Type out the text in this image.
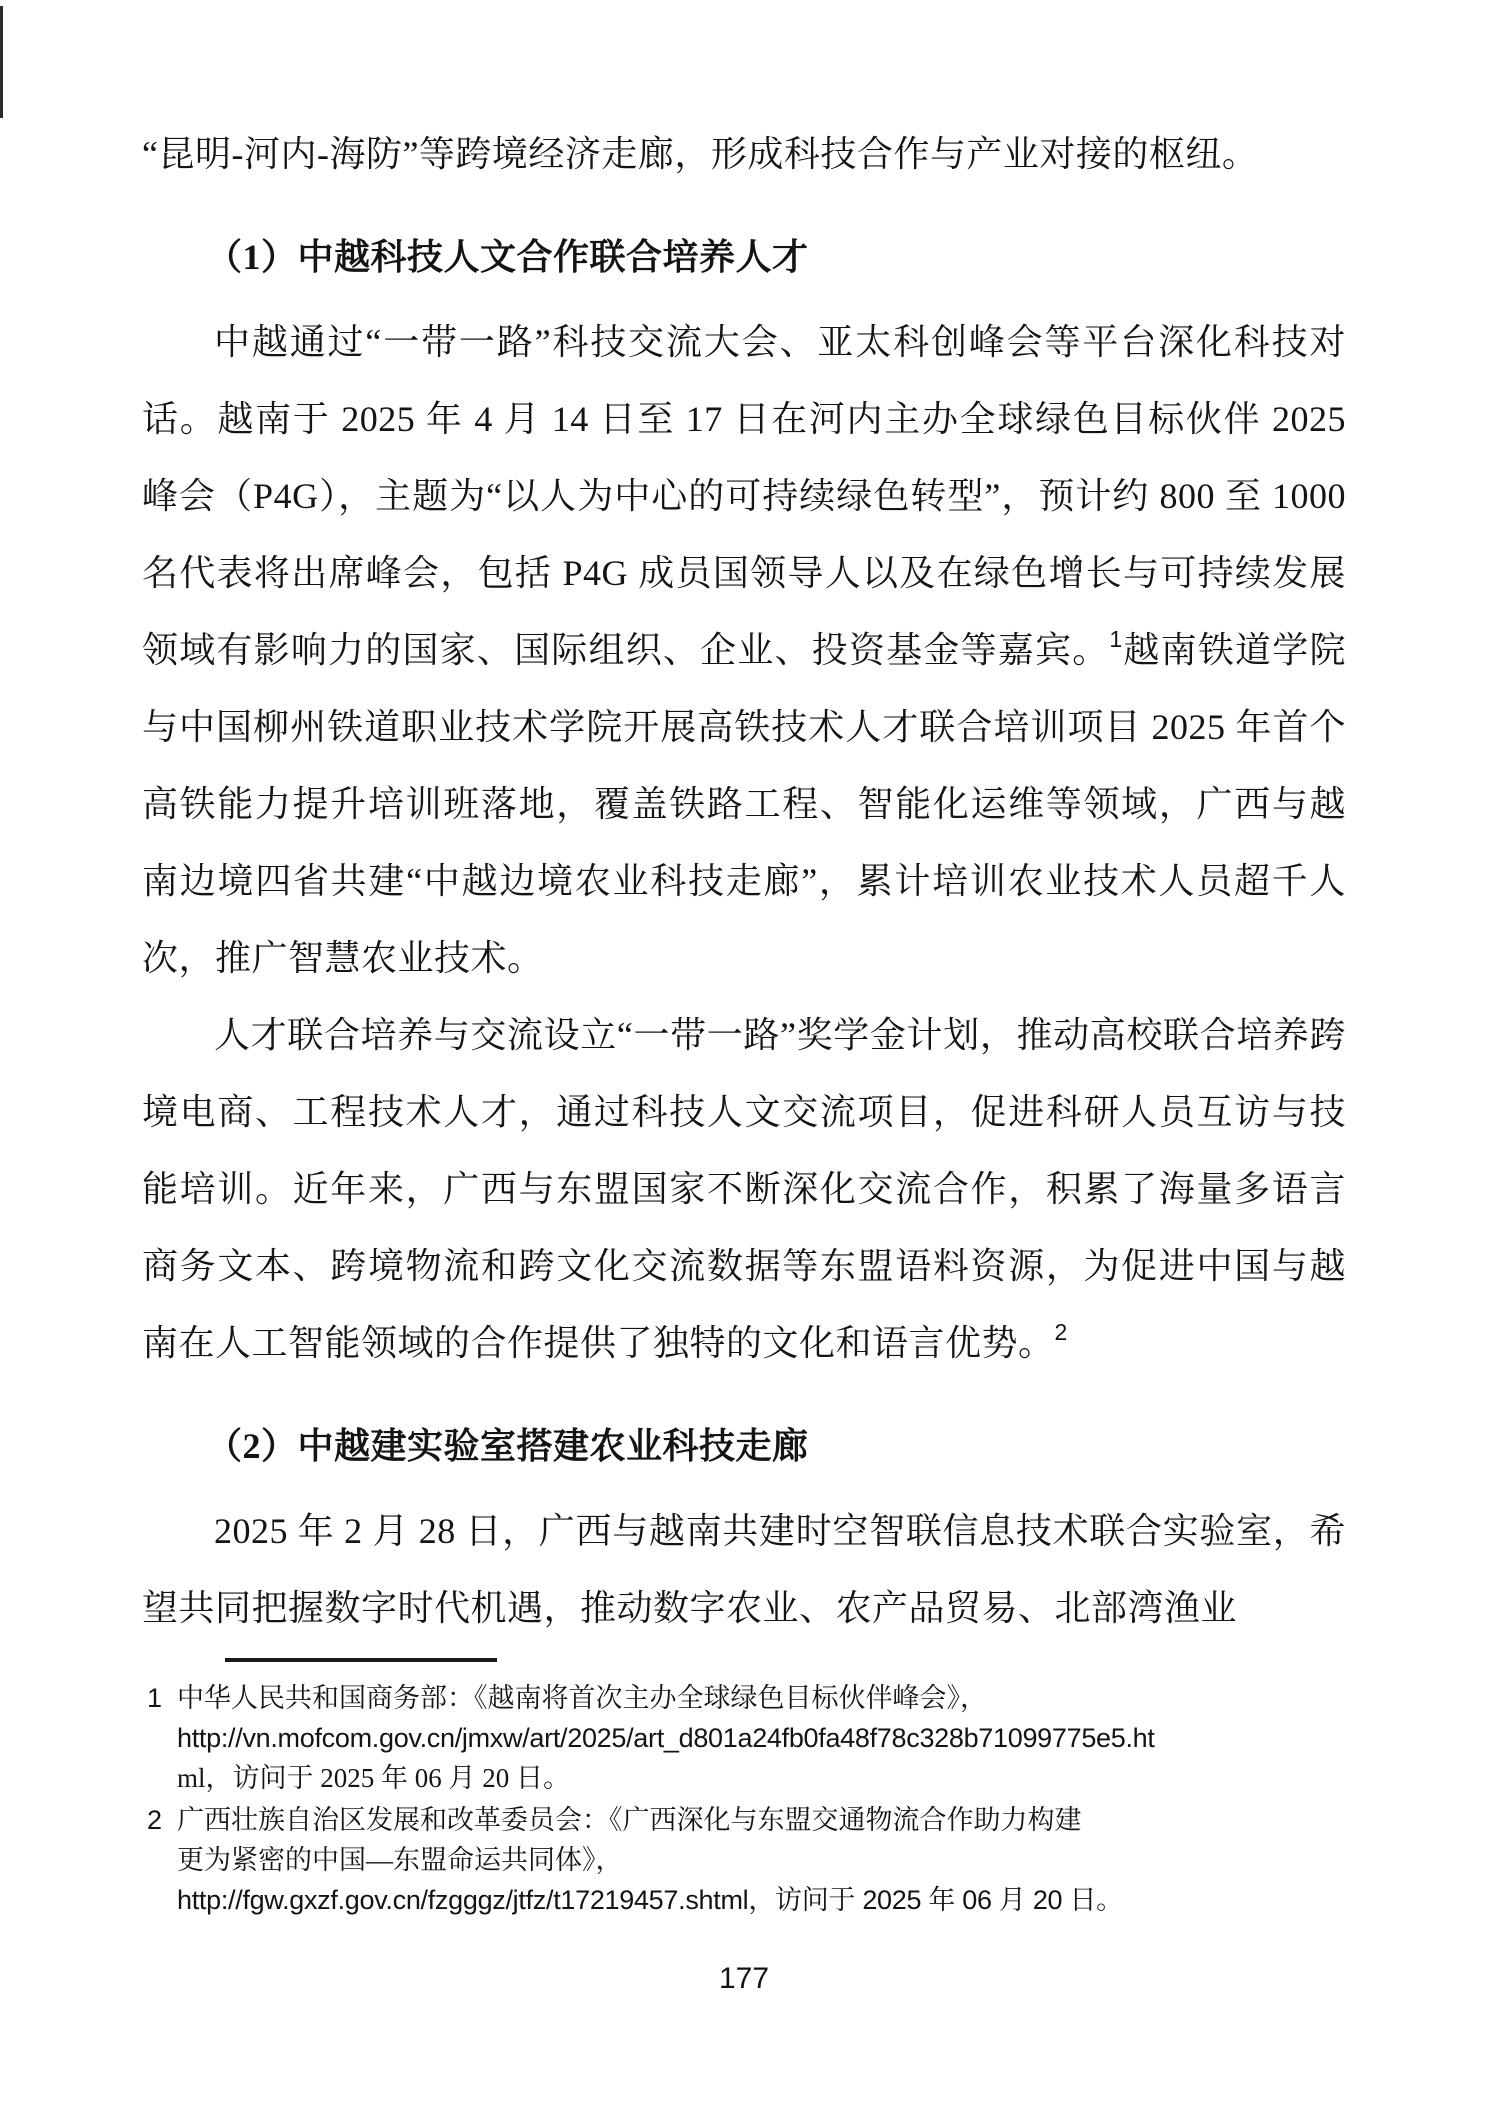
“昆明-河内-海防”等跨境经济走廊，形成科技合作与产业对接的枢纽。

（1）中越科技人文合作联合培养人才

中越通过“一带一路”科技交流大会、亚太科创峰会等平台深化科技对话。越南于 2025 年 4 月 14 日至 17 日在河内主办全球绿色目标伙伴 2025 峰会（P4G），主题为“以人为中心的可持续绿色转型”，预计约 800 至 1000 名代表将出席峰会，包括 P4G 成员国领导人以及在绿色增长与可持续发展领域有影响力的国家、国际组织、企业、投资基金等嘉宾。$^1$越南铁道学院与中国柳州铁道职业技术学院开展高铁技术人才联合培训项目 2025 年首个高铁能力提升培训班落地，覆盖铁路工程、智能化运维等领域，广西与越南边境四省共建“中越边境农业科技走廊”，累计培训农业技术人员超千人次，推广智慧农业技术。

人才联合培养与交流设立“一带一路”奖学金计划，推动高校联合培养跨境电商、工程技术人才，通过科技人文交流项目，促进科研人员互访与技能培训。近年来，广西与东盟国家不断深化交流合作，积累了海量多语言商务文本、跨境物流和跨文化交流数据等东盟语料资源，为促进中国与越南在人工智能领域的合作提供了独特的文化和语言优势。$^2$

（2）中越建实验室搭建农业科技走廊

2025 年 2 月 28 日，广西与越南共建时空智联信息技术联合实验室，希望共同把握数字时代机遇，推动数字农业、农产品贸易、北部湾渔业

1 中华人民共和国商务部：《越南将首次主办全球绿色目标伙伴峰会》，
http://vn.mofcom.gov.cn/jmxw/art/2025/art_d801a24fb0fa48f78c328b71099775e5.ht
ml，访问于 2025 年 06 月 20 日。
2 广西壮族自治区发展和改革委员会：《广西深化与东盟交通物流合作助力构建
更为紧密的中国—东盟命运共同体》，
http://fgw.gxzf.gov.cn/fzgggz/jtfz/t17219457.shtml，访问于 2025 年 06 月 20 日。
177
